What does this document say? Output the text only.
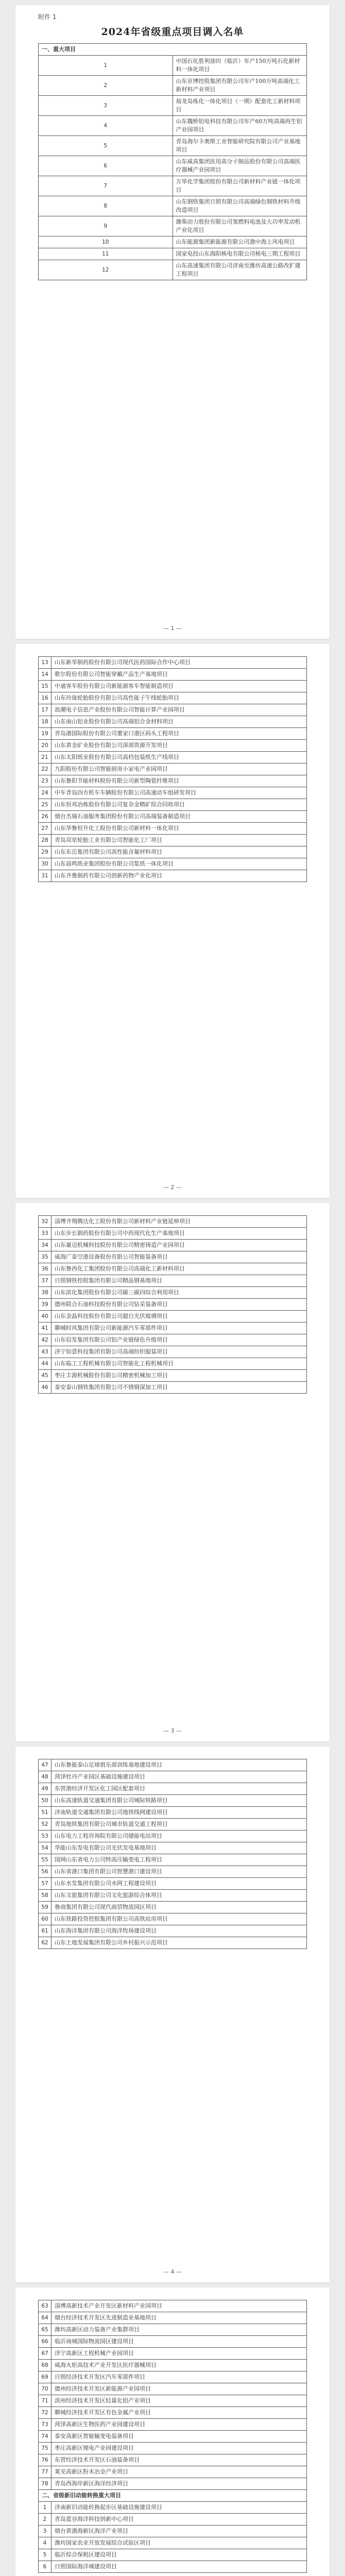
附件 1
2024年省级重点项目调入名单
一、重大项目	
1	中国石化胜利油田（临沂）年产150万吨石化新材料一体化项目
2	山东京博控股集团有限公司年产100万吨高端化工新材料产业项目
3	裕龙岛炼化一体化项目（一期）配套化工新材料项目
4	山东魏桥铝电科技有限公司年产60万吨高端再生铝产业园项目
5	青岛海尔卡奥斯工业智能研究院有限公司产业基地项目
6	山东威高集团医用高分子制品股份有限公司高端医疗器械产业园项目
7	万华化学集团股份有限公司新材料产业链一体化项目
8	山东钢铁集团日照有限公司高端绿色钢铁材料升级改造项目
9	潍柴动力股份有限公司氢燃料电池及大功率发动机产业化项目
10	山东能源集团新能源有限公司渤中海上风电项目
11	国家电投山东海阳核电有限公司核电三期工程项目
12	山东高速集团有限公司济南至潍坊高速公路改扩建工程项目
— 1 —
13	山东新华制药股份有限公司现代医药国际合作中心项目
14	歌尔股份有限公司智能穿戴产品生产基地项目
15	中通客车股份有限公司新能源客车智能制造项目
16	山东玲珑轮胎股份有限公司高性能子午线轮胎项目
17	浪潮电子信息产业股份有限公司智能计算产业园项目
18	山东南山铝业股份有限公司高端铝合金材料项目
19	青岛港国际股份有限公司董家口港区码头工程项目
20	山东黄金矿业股份有限公司深部资源开发项目
21	山东太阳纸业股份有限公司高档包装纸生产线项目
22	九阳股份有限公司智能厨房小家电产业园项目
23	山东鲁阳节能材料股份有限公司新型陶瓷纤维项目
24	中车青岛四方机车车辆股份有限公司高速动车组研发项目
25	山东恒邦冶炼股份有限公司复杂金精矿综合回收项目
26	烟台杰瑞石油服务集团股份有限公司高端装备制造项目
27	山东华鲁恒升化工股份有限公司新材料一体化项目
28	青岛双星轮胎工业有限公司智能化工厂项目
29	山东东岳集团有限公司高性能含氟材料项目
30	山东晨鸣纸业集团股份有限公司浆纸一体化项目
31	山东齐鲁制药有限公司创新药物产业化项目
— 2 —
32	淄博齐翔腾达化工股份有限公司新材料产业链延伸项目
33	山东步长制药股份有限公司中药现代化生产基地项目
34	山东豪迈机械科技股份有限公司精密铸造产业园项目
35	威海广泰空港设备股份有限公司智能装备项目
36	山东鲁西化工集团股份有限公司高端化工新材料项目
37	日照钢铁控股集团有限公司精品钢基地项目
38	山东滨化集团股份有限公司碳三碳四综合利用项目
39	德州联合石油科技股份有限公司钻采装备项目
40	山东金晶科技股份有限公司超白光伏玻璃项目
41	聊城时风集团有限公司新能源汽车零部件项目
42	山东信发集团有限公司铝产业链绿色升级项目
43	济宁如意科技集团有限公司高端纺织服装项目
44	山东临工工程机械有限公司智能化工程机械项目
45	枣庄丰源机械股份有限公司精密机械加工项目
46	泰安泰山钢铁集团有限公司不锈钢深加工项目
— 3 —
47	山东鲁能泰山足球俱乐部训练基地建设项目
48	菏泽牡丹产业园区基础设施建设项目
49	东营港经济开发区化工园区配套项目
50	山东高速轨道交通集团有限公司城际铁路项目
51	济南轨道交通集团有限公司地铁线网建设项目
52	青岛地铁集团有限公司城市轨道交通工程项目
53	山东电力工程咨询院有限公司储能电站项目
54	华能山东发电有限公司光伏发电基地项目
55	国网山东省电力公司特高压输变电工程项目
56	山东省港口集团有限公司智慧港口建设项目
57	山东水发集团有限公司水网工程建设项目
58	山东文旅集团有限公司文化旅游综合体项目
59	鲁商集团有限公司现代商贸物流园区项目
60	山东铁路投资控股集团有限公司高铁站房项目
61	山东海洋集团有限公司海洋牧场建设项目
62	山东土地发展集团有限公司乡村振兴示范项目
— 4 —
63	淄博高新技术产业开发区新材料产业园项目
64	烟台经济技术开发区先进制造业基地项目
65	潍坊高新区动力装备产业集群项目
66	临沂商城国际物流园区建设项目
67	济宁高新区工程机械产业园项目
68	威海火炬高技术产业开发区医疗器械项目
69	日照经济技术开发区汽车零部件项目
70	德州经济技术开发区新能源产业园项目
71	滨州经济技术开发区轻量化铝产业项目
72	聊城经济技术开发区有色金属产业项目
73	菏泽高新区生物医药产业园建设项目
74	泰安高新区智能输变电装备项目
75	枣庄高新区锂电产业园建设项目
76	东营经济技术开发区石油装备项目
77	莱芜高新区粉末冶金产业项目
78	青岛西海岸新区海洋经济项目
二、省级新旧动能转换重大项目	
1	济南新旧动能转换起步区基础设施建设项目
2	青岛蓝谷海洋科技创新中心项目
3	烟台黄渤海新区海洋产业项目
4	潍坊国家农业开放发展综合试验区项目
5	临沂综合保税区建设项目
6	日照国际海洋城建设项目
